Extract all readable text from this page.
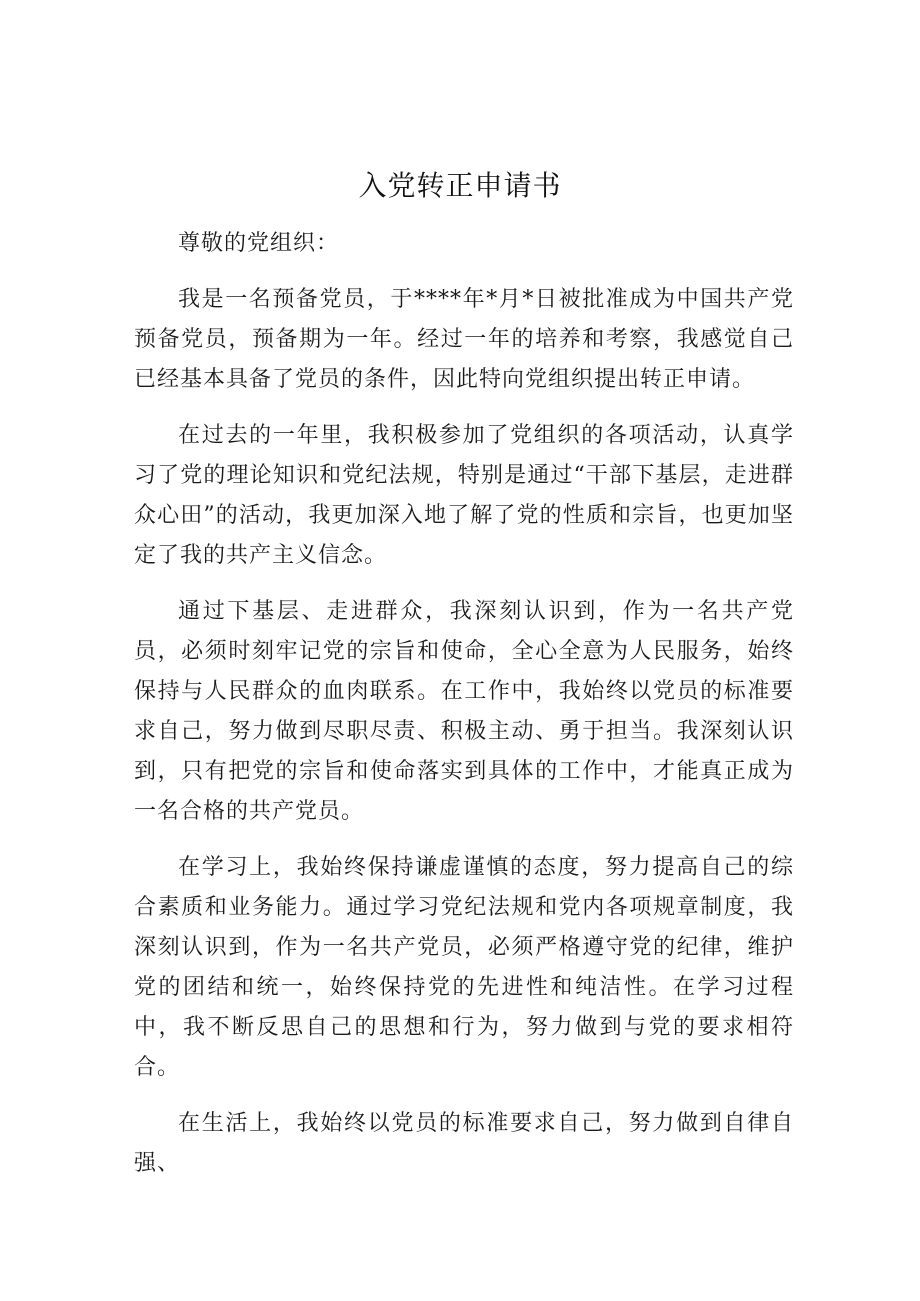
入党转正申请书

尊敬的党组织：

我是一名预备党员，于****年*月*日被批准成为中国共产党预备党员，预备期为一年。经过一年的培养和考察，我感觉自己已经基本具备了党员的条件，因此特向党组织提出转正申请。

在过去的一年里，我积极参加了党组织的各项活动，认真学习了党的理论知识和党纪法规，特别是通过“干部下基层，走进群众心田”的活动，我更加深入地了解了党的性质和宗旨，也更加坚定了我的共产主义信念。

通过下基层、走进群众，我深刻认识到，作为一名共产党员，必须时刻牢记党的宗旨和使命，全心全意为人民服务，始终保持与人民群众的血肉联系。在工作中，我始终以党员的标准要求自己，努力做到尽职尽责、积极主动、勇于担当。我深刻认识到，只有把党的宗旨和使命落实到具体的工作中，才能真正成为一名合格的共产党员。

在学习上，我始终保持谦虚谨慎的态度，努力提高自己的综合素质和业务能力。通过学习党纪法规和党内各项规章制度，我深刻认识到，作为一名共产党员，必须严格遵守党的纪律，维护党的团结和统一，始终保持党的先进性和纯洁性。在学习过程中，我不断反思自己的思想和行为，努力做到与党的要求相符合。

在生活上，我始终以党员的标准要求自己，努力做到自律自强、
